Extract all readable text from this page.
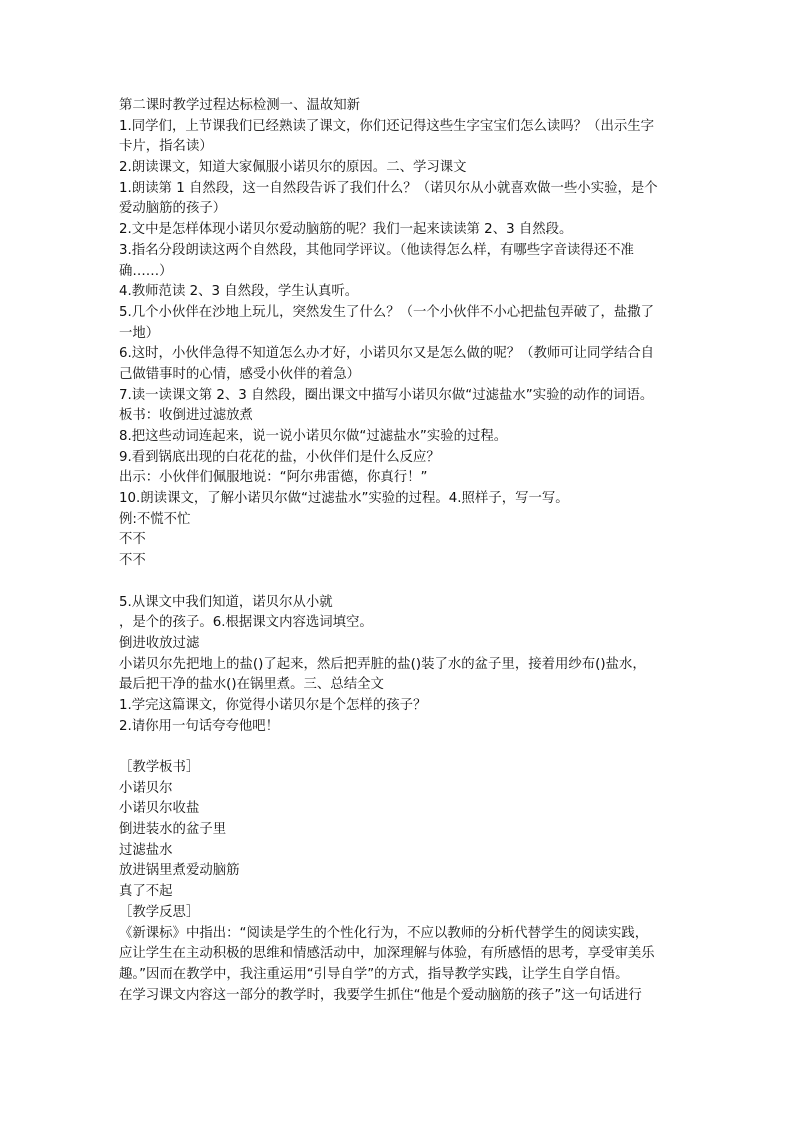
第二课时教学过程达标检测一、温故知新
1.同学们，上节课我们已经熟读了课文，你们还记得这些生字宝宝们怎么读吗？（出示生字
卡片，指名读）
2.朗读课文，知道大家佩服小诺贝尔的原因。二、学习课文
1.朗读第 1 自然段，这一自然段告诉了我们什么？（诺贝尔从小就喜欢做一些小实验，是个
爱动脑筋的孩子）
2.文中是怎样体现小诺贝尔爱动脑筋的呢？我们一起来读读第 2、3 自然段。
3.指名分段朗读这两个自然段，其他同学评议。（他读得怎么样，有哪些字音读得还不准
确……）
4.教师范读 2、3 自然段，学生认真听。
5.几个小伙伴在沙地上玩儿，突然发生了什么？（一个小伙伴不小心把盐包弄破了，盐撒了
一地）
6.这时，小伙伴急得不知道怎么办才好，小诺贝尔又是怎么做的呢？（教师可让同学结合自
己做错事时的心情，感受小伙伴的着急）
7.读一读课文第 2、3 自然段，圈出课文中描写小诺贝尔做“过滤盐水”实验的动作的词语。
板书：收倒进过滤放煮
8.把这些动词连起来，说一说小诺贝尔做“过滤盐水”实验的过程。
9.看到锅底出现的白花花的盐，小伙伴们是什么反应？
出示：小伙伴们佩服地说：“阿尔弗雷德，你真行！”
10.朗读课文，了解小诺贝尔做“过滤盐水”实验的过程。4.照样子，写一写。
例:不慌不忙
不不
不不
5.从课文中我们知道，诺贝尔从小就
，是个的孩子。6.根据课文内容选词填空。
倒进收放过滤
小诺贝尔先把地上的盐()了起来，然后把弄脏的盐()装了水的盆子里，接着用纱布()盐水，
最后把干净的盐水()在锅里煮。三、总结全文
1.学完这篇课文，你觉得小诺贝尔是个怎样的孩子？
2.请你用一句话夸夸他吧！
［教学板书］
小诺贝尔
小诺贝尔收盐
倒进装水的盆子里
过滤盐水
放进锅里煮爱动脑筋
真了不起
［教学反思］
《新课标》中指出：“阅读是学生的个性化行为，不应以教师的分析代替学生的阅读实践，
应让学生在主动积极的思维和情感活动中，加深理解与体验，有所感悟的思考，享受审美乐
趣。”因而在教学中，我注重运用“引导自学”的方式，指导教学实践，让学生自学自悟。
在学习课文内容这一部分的教学时，我要学生抓住“他是个爱动脑筋的孩子”这一句话进行
